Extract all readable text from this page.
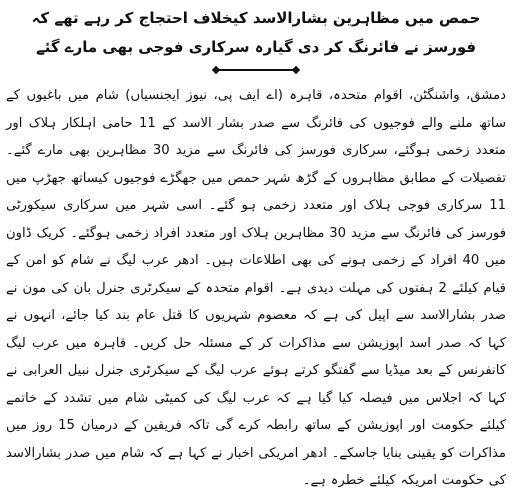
حمص میں مظاہرین بشارالاسد کیخلاف احتجاج کر رہے تھے کہ فورسز نے فائرنگ کر دی گیارہ سرکاری فوجی بھی مارے گئے

دمشق، واشنگٹن، اقوام متحدہ، قاہرہ (اے ایف پی، نیوز ایجنسیاں) شام میں باغیوں کے ساتھ ملنے والے فوجیوں کی فائرنگ سے صدر بشار الاسد کے 11 حامی اہلکار ہلاک اور متعدد زخمی ہوگئے، سرکاری فورسز کی فائرنگ سے مزید 30 مظاہرین بھی مارے گئے۔ تفصیلات کے مطابق مظاہروں کے گڑھ شہر حمص میں جھگڑے فوجیوں کیساتھ جھڑپ میں 11 سرکاری فوجی ہلاک اور متعدد زخمی ہو گئے۔ اسی شہر میں سرکاری سیکورٹی فورسز کی فائرنگ سے مزید 30 مظاہرین ہلاک اور متعدد افراد زخمی ہوگئے۔ کریک ڈاون میں 40 افراد کے زخمی ہونے کی بھی اطلاعات ہیں۔ ادھر عرب لیگ نے شام کو امن کے قیام کیلئے 2 ہفتوں کی مہلت دیدی ہے۔ اقوام متحدہ کے سیکرٹری جنرل بان کی مون نے صدر بشارالاسد سے اپیل کی ہے کہ معصوم شہریوں کا قتل عام بند کیا جائے، انہوں نے کہا کہ صدر اسد اپوزیشن سے مذاکرات کر کے مسئلہ حل کریں۔ قاہرہ میں عرب لیگ کانفرنس کے بعد میڈیا سے گفتگو کرتے ہوئے عرب لیگ کے سیکرٹری جنرل نبیل العرابی نے کہا کہ اجلاس میں فیصلہ کیا گیا ہے کہ عرب لیگ کی کمیٹی شام میں تشدد کے خاتمے کیلئے حکومت اور اپوزیشن کے ساتھ رابطہ کرے گی تاکہ فریقین کے درمیان 15 روز میں مذاکرات کو یقینی بنایا جاسکے۔ ادھر امریکی اخبار نے کہا ہے کہ شام میں صدر بشارالاسد کی حکومت امریکہ کیلئے خطرہ ہے۔
